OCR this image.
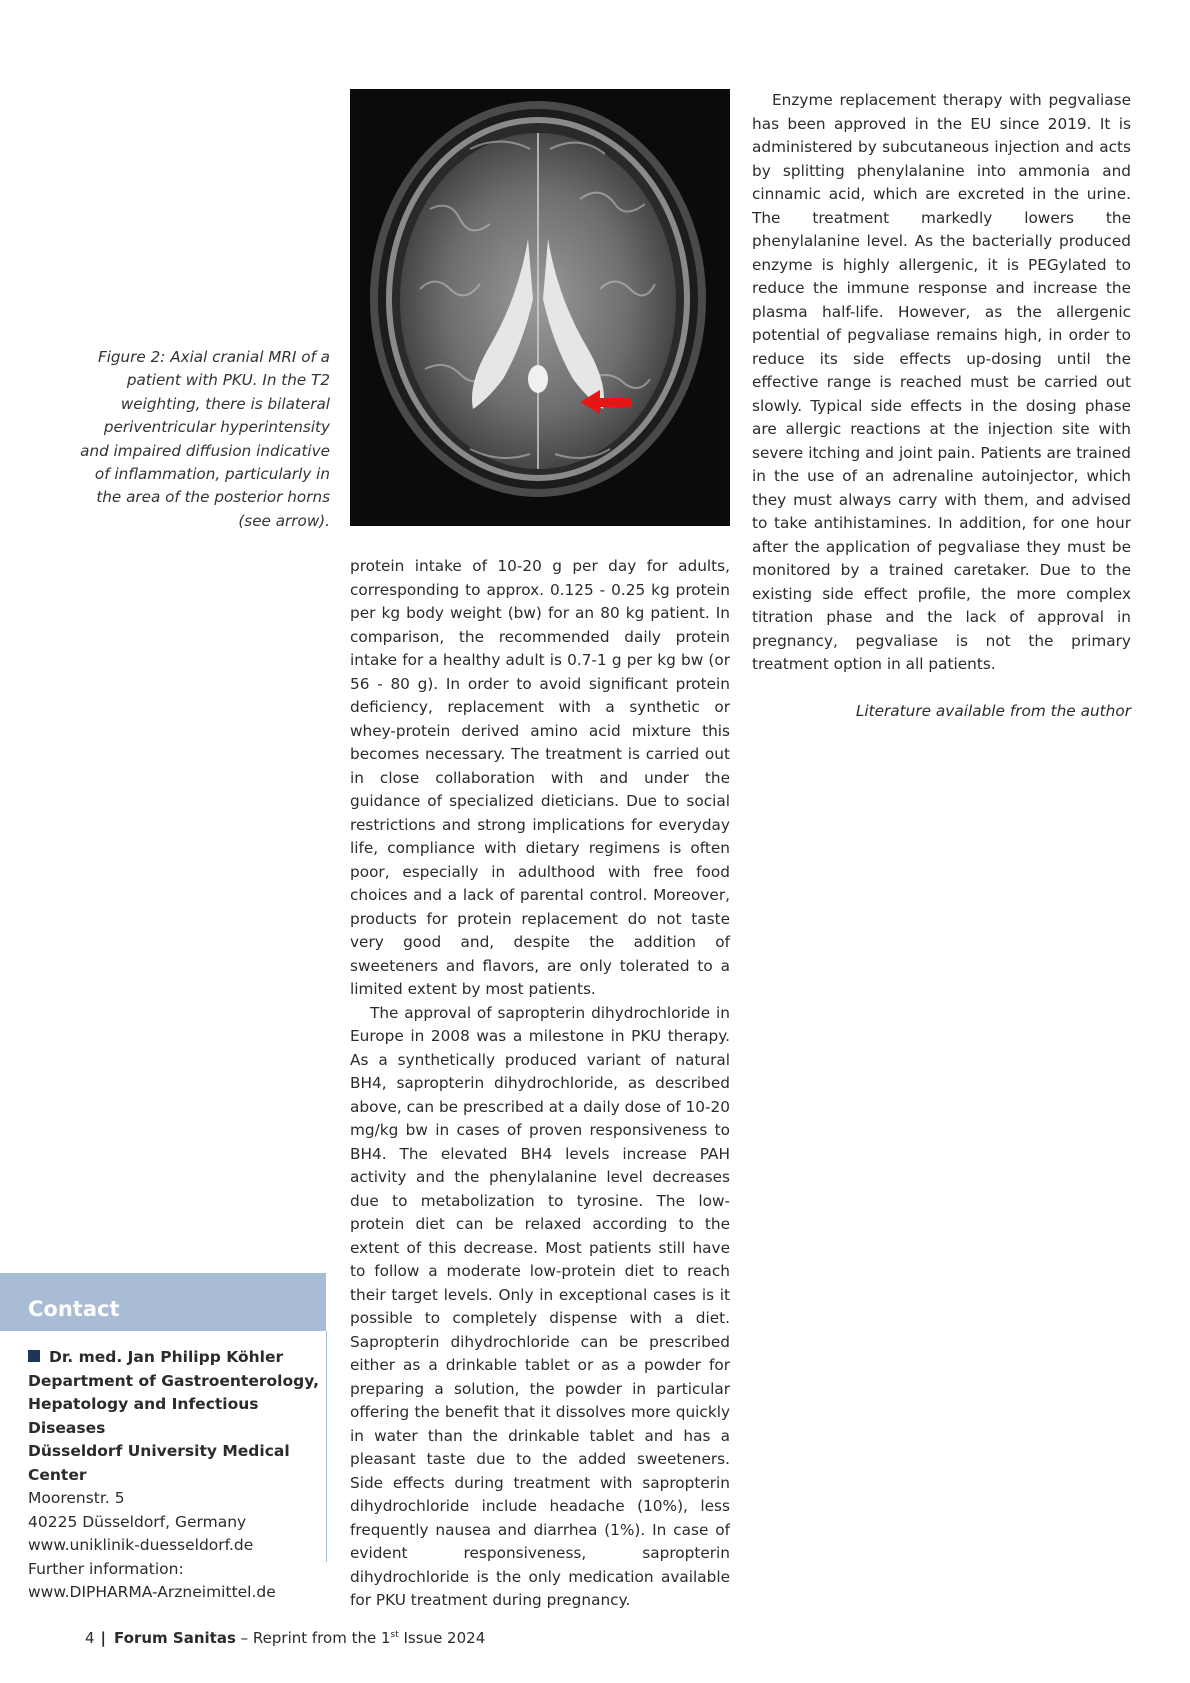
Figure 2: Axial cranial MRI of a patient with PKU. In the T2 weighting, there is bilateral periventricular hyperintensity and impaired diffusion indicative of inflammation, particularly in the area of the posterior horns (see arrow).

protein intake of 10-20 g per day for adults, corresponding to approx. 0.125 - 0.25 kg protein per kg body weight (bw) for an 80 kg patient. In comparison, the recommended daily protein intake for a healthy adult is 0.7-1 g per kg bw (or 56 - 80 g). In order to avoid significant protein deficiency, replacement with a synthetic or whey-protein derived amino acid mixture this becomes necessary. The treatment is carried out in close collaboration with and under the guidance of specialized dieticians. Due to social restrictions and strong implications for everyday life, compliance with dietary regimens is often poor, especially in adulthood with free food choices and a lack of parental control. Moreover, products for protein replacement do not taste very good and, despite the addition of sweeteners and flavors, are only tolerated to a limited extent by most patients.

The approval of sapropterin dihydrochloride in Europe in 2008 was a milestone in PKU therapy. As a synthetically produced variant of natural BH4, sapropterin dihydrochloride, as described above, can be prescribed at a daily dose of 10-20 mg/kg bw in cases of proven responsiveness to BH4. The elevated BH4 levels increase PAH activity and the phenylalanine level decreases due to metabolization to tyrosine. The low-protein diet can be relaxed according to the extent of this decrease. Most patients still have to follow a moderate low-protein diet to reach their target levels. Only in exceptional cases is it possible to completely dispense with a diet. Sapropterin dihydrochloride can be prescribed either as a drinkable tablet or as a powder for preparing a solution, the powder in particular offering the benefit that it dissolves more quickly in water than the drinkable tablet and has a pleasant taste due to the added sweeteners. Side effects during treatment with sapropterin dihydrochloride include headache (10%), less frequently nausea and diarrhea (1%). In case of evident responsiveness, sapropterin dihydrochloride is the only medication available for PKU treatment during pregnancy.

Enzyme replacement therapy with pegvaliase has been approved in the EU since 2019. It is administered by subcutaneous injection and acts by splitting phenylalanine into ammonia and cinnamic acid, which are excreted in the urine. The treatment markedly lowers the phenylalanine level. As the bacterially produced enzyme is highly allergenic, it is PEGylated to reduce the immune response and increase the plasma half-life. However, as the allergenic potential of pegvaliase remains high, in order to reduce its side effects up-dosing until the effective range is reached must be carried out slowly. Typical side effects in the dosing phase are allergic reactions at the injection site with severe itching and joint pain. Patients are trained in the use of an adrenaline autoinjector, which they must always carry with them, and advised to take antihistamines. In addition, for one hour after the application of pegvaliase they must be monitored by a trained caretaker. Due to the existing side effect profile, the more complex titration phase and the lack of approval in pregnancy, pegvaliase is not the primary treatment option in all patients.

Literature available from the author

Contact
Dr. med. Jan Philipp Köhler
Department of Gastroenterology, Hepatology and Infectious Diseases
Düsseldorf University Medical Center
Moorenstr. 5
40225 Düsseldorf, Germany
www.uniklinik-duesseldorf.de
Further information:
www.DIPHARMA-Arzneimittel.de
4 | Forum Sanitas – Reprint from the 1st Issue 2024
